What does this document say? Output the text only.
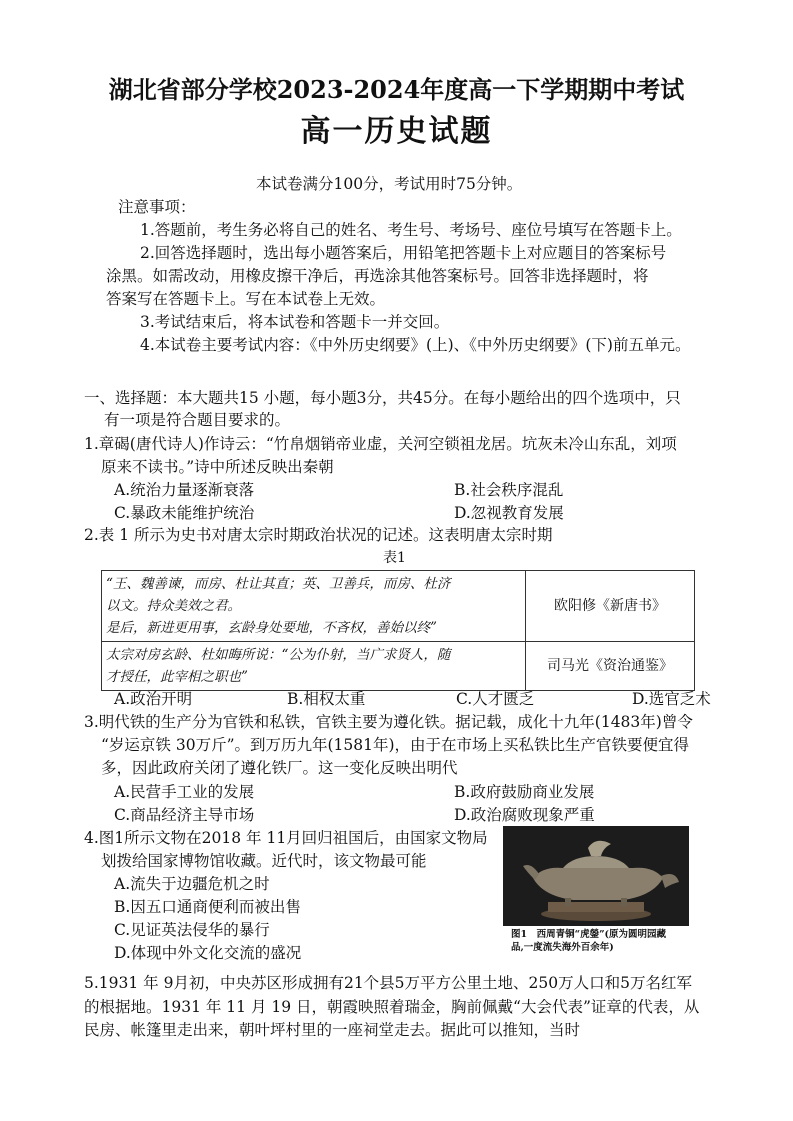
湖北省部分学校2023-2024年度高一下学期期中考试
高一历史试题
本试卷满分100分，考试用时75分钟。
注意事项：
1.答题前，考生务必将自己的姓名、考生号、考场号、座位号填写在答题卡上。
2.回答选择题时，选出每小题答案后，用铅笔把答题卡上对应题目的答案标号
涂黑。如需改动，用橡皮擦干净后，再选涂其他答案标号。回答非选择题时，将
答案写在答题卡上。写在本试卷上无效。
3.考试结束后，将本试卷和答题卡一并交回。
4.本试卷主要考试内容：《中外历史纲要》(上)、《中外历史纲要》(下)前五单元。
一、选择题：本大题共15 小题，每小题3分，共45分。在每小题给出的四个选项中，只
有一项是符合题目要求的。
1.章碣(唐代诗人)作诗云：“竹帛烟销帝业虚，关河空锁祖龙居。坑灰未冷山东乱，刘项
原来不读书。”诗中所述反映出秦朝
A.统治力量逐渐衰落	B.社会秩序混乱
C.暴政未能维护统治	D.忽视教育发展
2.表 1 所示为史书对唐太宗时期政治状况的记述。这表明唐太宗时期
表1
“王、魏善谏，而房、杜让其直；英、卫善兵，而房、杜济
以文。持众美效之君。
是后，新进更用事，玄龄身处要地，不吝权，善始以终”	欧阳修《新唐书》

太宗对房玄龄、杜如晦所说：“公为仆射，当广求贤人，随
才授任，此宰相之职也”	司马光《资治通鉴》
A.政治开明	B.相权太重	C.人才匮乏	D.选官乏术
3.明代铁的生产分为官铁和私铁，官铁主要为遵化铁。据记载，成化十九年(1483年)曾令
“岁运京铁 30万斤”。到万历九年(1581年)，由于在市场上买私铁比生产官铁要便宜得
多，因此政府关闭了遵化铁厂。这一变化反映出明代
A.民营手工业的发展	B.政府鼓励商业发展
C.商品经济主导市场	D.政治腐败现象严重
4.图1所示文物在2018 年 11月回归祖国后，由国家文物局
划拨给国家博物馆收藏。近代时，该文物最可能
A.流失于边疆危机之时
B.因五口通商便利而被出售
C.见证英法侵华的暴行
D.体现中外文化交流的盛况
图1　西周青铜“虎鎣”(原为圆明园藏
品,一度流失海外百余年)
5.1931 年 9月初，中央苏区形成拥有21个县5万平方公里土地、250万人口和5万名红军
的根据地。1931 年 11 月 19 日，朝霞映照着瑞金，胸前佩戴“大会代表”证章的代表，从
民房、帐篷里走出来，朝叶坪村里的一座祠堂走去。据此可以推知，当时
